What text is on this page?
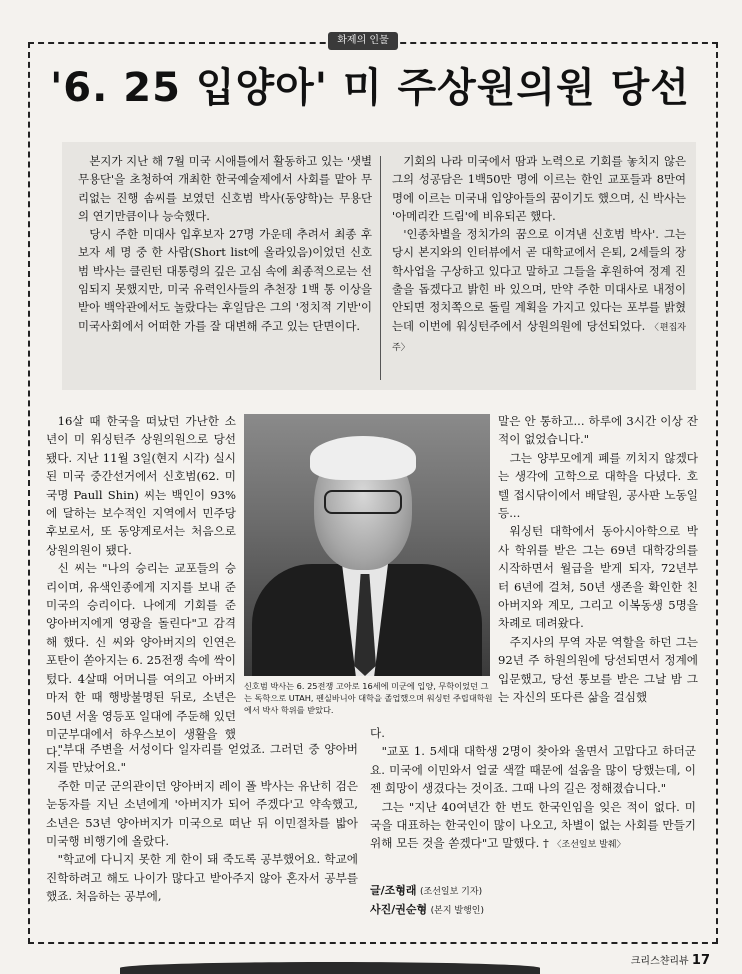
화제의 인물
'6. 25 입양아' 미 주상원의원 당선

본지가 지난 해 7월 미국 시애틀에서 활동하고 있는 '샛별무용단'을 초청하여 개최한 한국예술제에서 사회를 맡아 무리없는 진행 솜씨를 보였던 신호범 박사(동양학)는 무용단의 연기만큼이나 능숙했다.

당시 주한 미대사 입후보자 27명 가운데 추려서 최종 후보자 세 명 중 한 사람(Short list에 올라있음)이었던 신호범 박사는 클린턴 대통령의 깊은 고심 속에 최종적으로는 선임되지 못했지만, 미국 유력인사들의 추천장 1백 통 이상을 받아 백악관에서도 놀랐다는 후일담은 그의 '정치적 기반'이 미국사회에서 어떠한 가를 잘 대변해 주고 있는 단면이다.

기회의 나라 미국에서 땀과 노력으로 기회를 놓치지 않은 그의 성공담은 1백50만 명에 이르는 한인 교포들과 8만여 명에 이르는 미국내 입양아들의 꿈이기도 했으며, 신 박사는 '아메리칸 드림'에 비유되곤 했다.

'인종차별을 정치가의 꿈으로 이겨낸 신호범 박사'. 그는 당시 본지와의 인터뷰에서 곧 대학교에서 은퇴, 2세들의 장학사업을 구상하고 있다고 말하고 그들을 후원하여 정계 진출을 돕겠다고 밝힌 바 있으며, 만약 주한 미대사로 내정이 안되면 정치쪽으로 돌릴 계획을 가지고 있다는 포부를 밝혔는데 이번에 워싱턴주에서 상원의원에 당선되었다. 〈편집자 주〉

16살 때 한국을 떠났던 가난한 소년이 미 워싱턴주 상원의원으로 당선됐다. 지난 11월 3일(현지 시각) 실시된 미국 중간선거에서 신호범(62. 미국명 Paull Shin) 씨는 백인이 93%에 달하는 보수적인 지역에서 민주당 후보로서, 또 동양계로서는 처음으로 상원의원이 됐다.

신 씨는 "나의 승리는 교포들의 승리이며, 유색인종에게 지지를 보내 준 미국의 승리이다. 나에게 기회를 준 양아버지에게 영광을 돌린다"고 감격해 했다. 신 씨와 양아버지의 인연은 포탄이 쏟아지는 6. 25전쟁 속에 싹이 텄다. 4살때 어머니를 여의고 아버지마저 한 때 행방불명된 뒤로, 소년은 50년 서울 영등포 일대에 주둔해 있던 미군부대에서 하우스보이 생활을 했다.

신호범 박사는 6. 25전쟁 고아로 16세에 미군에 입양, 무학이었던 그는 독학으로 UTAH, 펜실바니아 대학을 졸업했으며 워싱턴 주립대학원에서 박사 학위를 받았다.

말은 안 통하고... 하루에 3시간 이상 잔 적이 없었습니다."

그는 양부모에게 폐를 끼치지 않겠다는 생각에 고학으로 대학을 다녔다. 호텔 접시닦이에서 배달원, 공사판 노동일 등...

워싱턴 대학에서 동아시아학으로 박사 학위를 받은 그는 69년 대학강의를 시작하면서 월급을 받게 되자, 72년부터 6년에 걸쳐, 50년 생존을 확인한 친아버지와 계모, 그리고 이복동생 5명을 차례로 데려왔다.

주지사의 무역 자문 역할을 하던 그는 92년 주 하원의원에 당선되면서 정계에 입문했고, 당선 통보를 받은 그날 밤 그는 자신의 또다른 삶을 걸심했

"부대 주변을 서성이다 일자리를 얻었죠. 그러던 중 양아버지를 만났어요."

주한 미군 군의관이던 양아버지 레이 폴 박사는 유난히 검은 눈동자를 지닌 소년에게 '아버지가 되어 주겠다'고 약속했고, 소년은 53년 양아버지가 미국으로 떠난 뒤 이민절차를 밟아 미국행 비행기에 올랐다.

"학교에 다니지 못한 게 한이 돼 죽도록 공부했어요. 학교에 진학하려고 해도 나이가 많다고 받아주지 않아 혼자서 공부를 했죠. 처음하는 공부에,

다.

"교포 1. 5세대 대학생 2명이 찾아와 울면서 고맙다고 하더군요. 미국에 이민와서 얼굴 색깔 때문에 설움을 많이 당했는데, 이젠 희망이 생겼다는 것이죠. 그때 나의 길은 정해졌습니다."

그는 "지난 40여년간 한 번도 한국인임을 잊은 적이 없다. 미국을 대표하는 한국인이 많이 나오고, 차별이 없는 사회를 만들기 위해 모든 것을 쏟겠다"고 말했다. † 〈조선일보 발췌〉

글/조형래 (조선일보 기자)
사진/권순형 (본지 발행인)
크리스챤리뷰 17
